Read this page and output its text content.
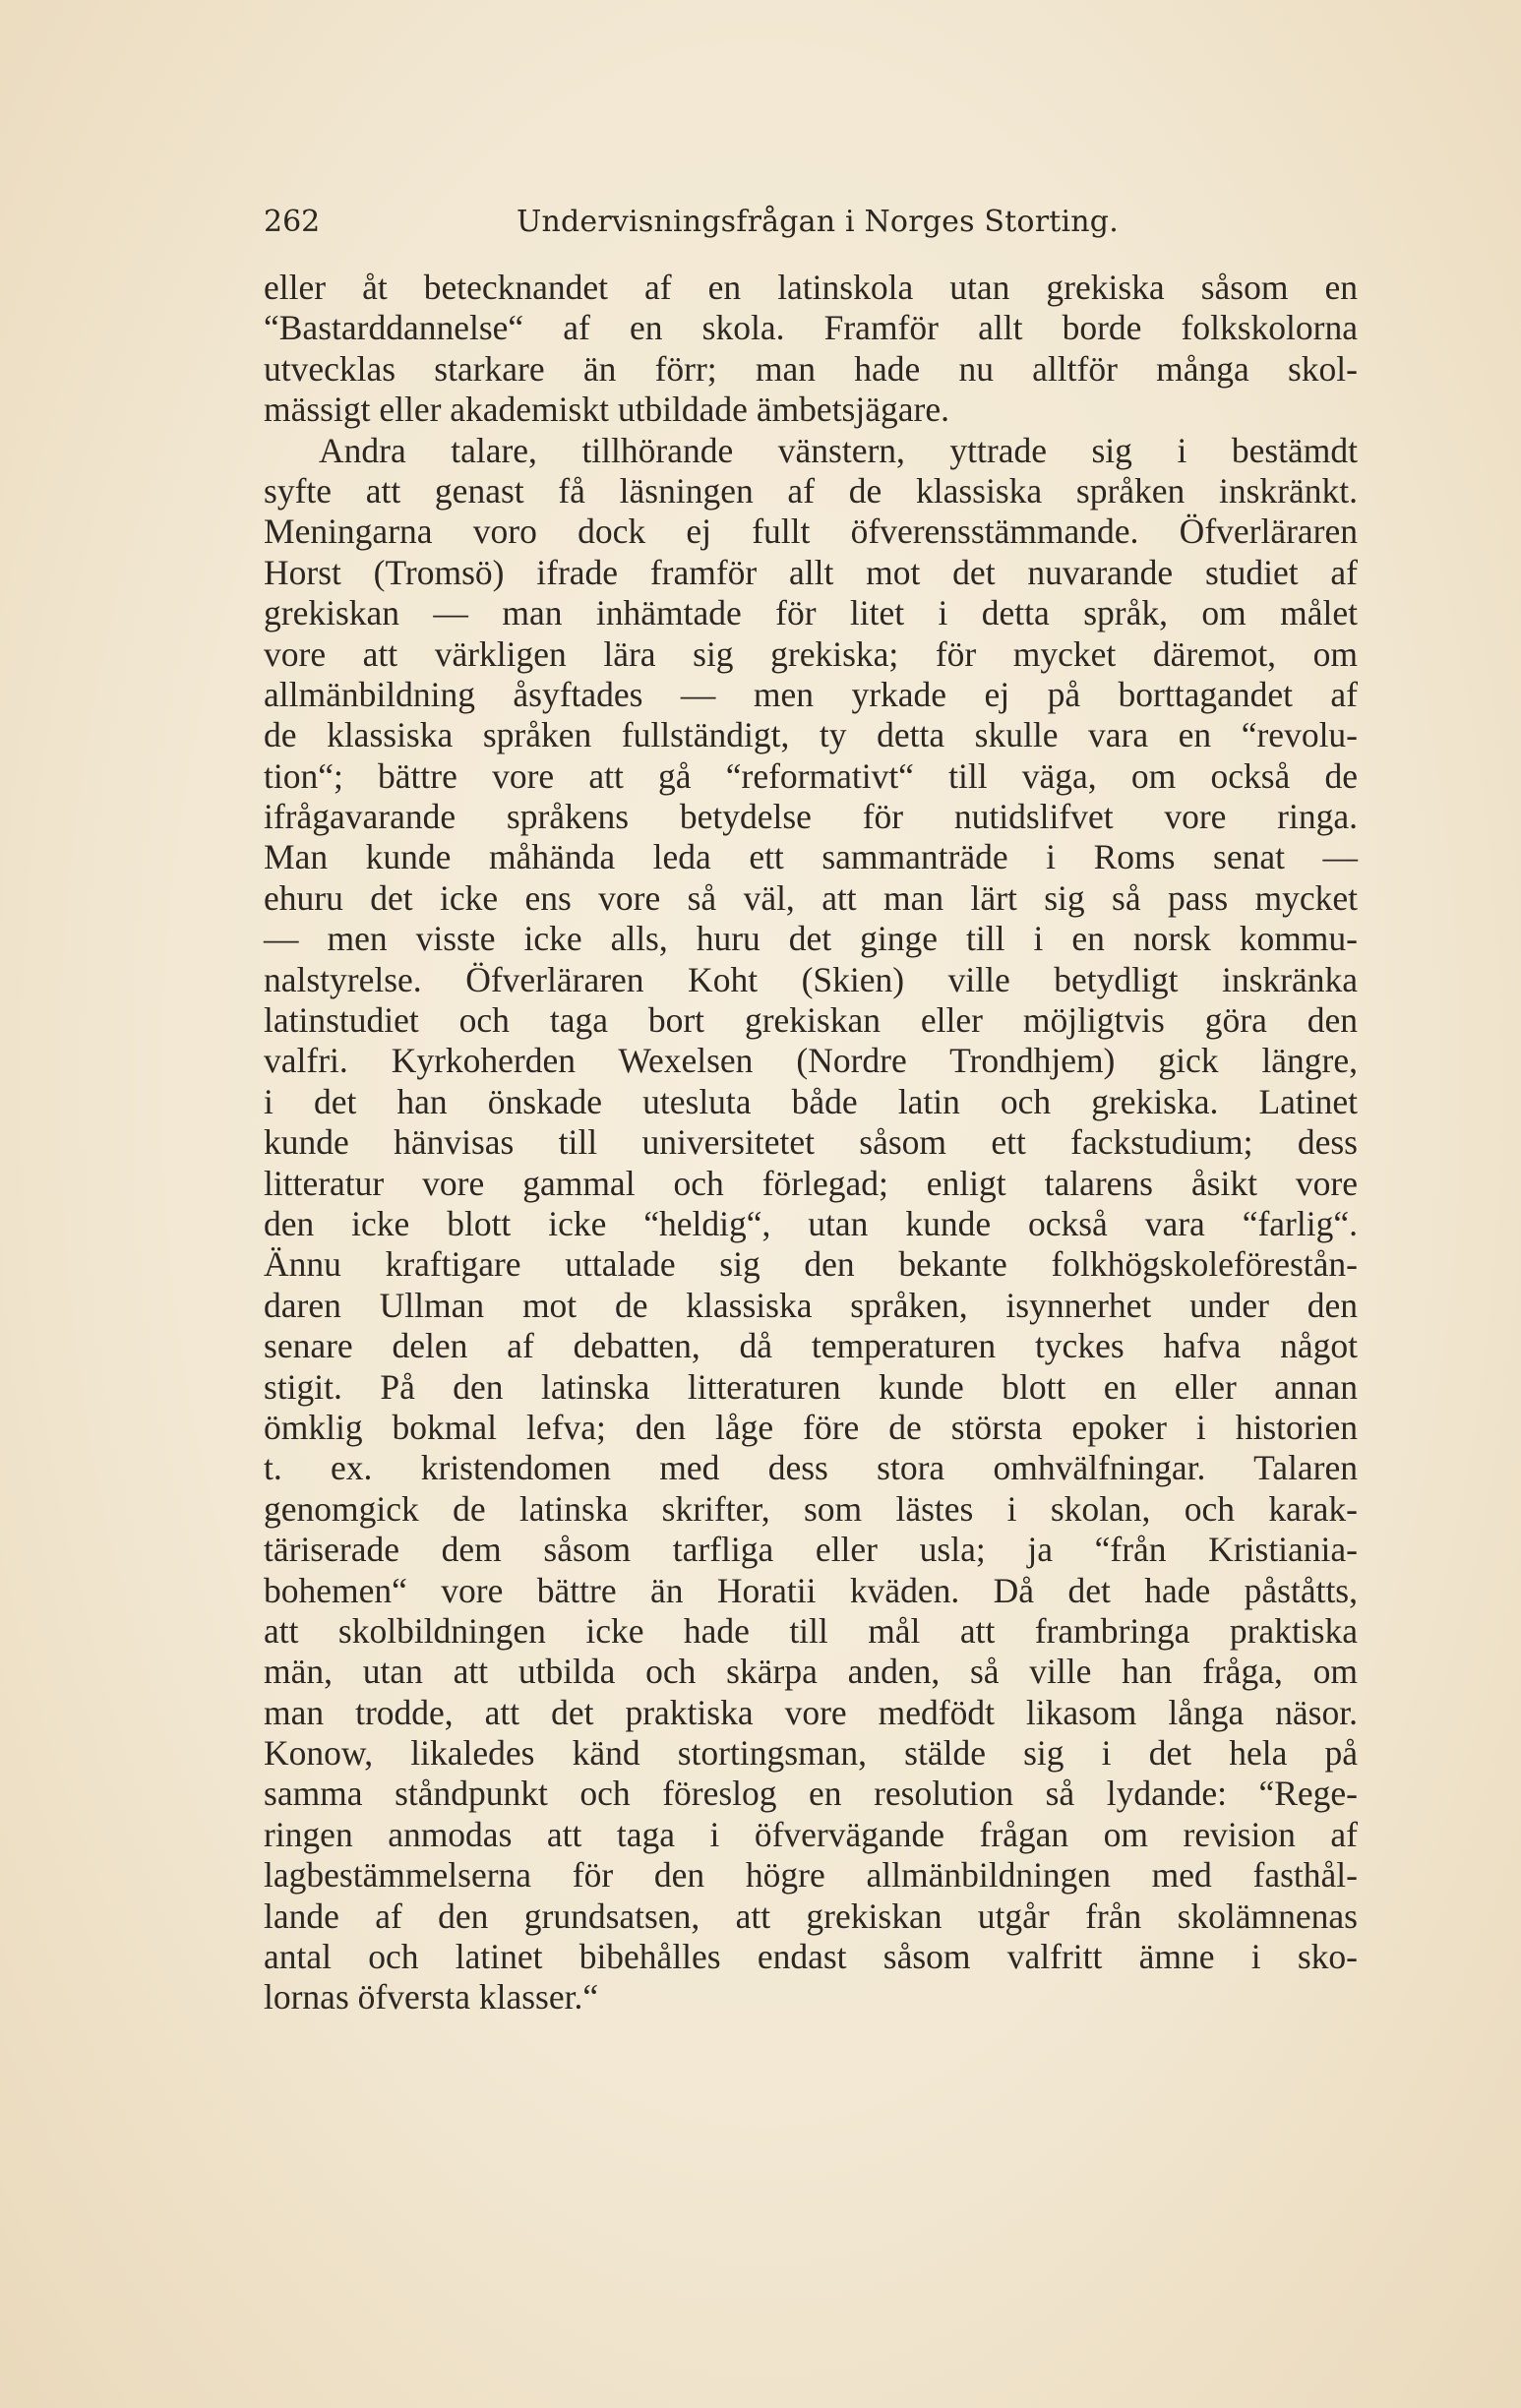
262	Undervisningsfrågan i Norges Storting.
eller åt betecknandet af en latinskola utan grekiska såsom en
“Bastarddannelse“ af en skola. Framför allt borde folkskolorna
utvecklas starkare än förr; man hade nu alltför många skol-
mässigt eller akademiskt utbildade ämbetsjägare.
Andra talare, tillhörande vänstern, yttrade sig i bestämdt
syfte att genast få läsningen af de klassiska språken inskränkt.
Meningarna voro dock ej fullt öfverensstämmande. Öfverläraren
Horst (Tromsö) ifrade framför allt mot det nuvarande studiet af
grekiskan — man inhämtade för litet i detta språk, om målet
vore att värkligen lära sig grekiska; för mycket däremot, om
allmänbildning åsyftades — men yrkade ej på borttagandet af
de klassiska språken fullständigt, ty detta skulle vara en “revolu-
tion“; bättre vore att gå “reformativt“ till väga, om också de
ifrågavarande språkens betydelse för nutidslifvet vore ringa.
Man kunde måhända leda ett sammanträde i Roms senat —
ehuru det icke ens vore så väl, att man lärt sig så pass mycket
— men visste icke alls, huru det ginge till i en norsk kommu-
nalstyrelse. Öfverläraren Koht (Skien) ville betydligt inskränka
latinstudiet och taga bort grekiskan eller möjligtvis göra den
valfri. Kyrkoherden Wexelsen (Nordre Trondhjem) gick längre,
i det han önskade utesluta både latin och grekiska. Latinet
kunde hänvisas till universitetet såsom ett fackstudium; dess
litteratur vore gammal och förlegad; enligt talarens åsikt vore
den icke blott icke “heldig“, utan kunde också vara “farlig“.
Ännu kraftigare uttalade sig den bekante folkhögskoleförestån-
daren Ullman mot de klassiska språken, isynnerhet under den
senare delen af debatten, då temperaturen tyckes hafva något
stigit. På den latinska litteraturen kunde blott en eller annan
ömklig bokmal lefva; den låge före de största epoker i historien
t. ex. kristendomen med dess stora omhvälfningar. Talaren
genomgick de latinska skrifter, som lästes i skolan, och karak-
täriserade dem såsom tarfliga eller usla; ja “från Kristiania-
bohemen“ vore bättre än Horatii kväden. Då det hade påståtts,
att skolbildningen icke hade till mål att frambringa praktiska
män, utan att utbilda och skärpa anden, så ville han fråga, om
man trodde, att det praktiska vore medfödt likasom långa näsor.
Konow, likaledes känd stortingsman, stälde sig i det hela på
samma ståndpunkt och föreslog en resolution så lydande: “Rege-
ringen anmodas att taga i öfvervägande frågan om revision af
lagbestämmelserna för den högre allmänbildningen med fasthål-
lande af den grundsatsen, att grekiskan utgår från skolämnenas
antal och latinet bibehålles endast såsom valfritt ämne i sko-
lornas öfversta klasser.“
